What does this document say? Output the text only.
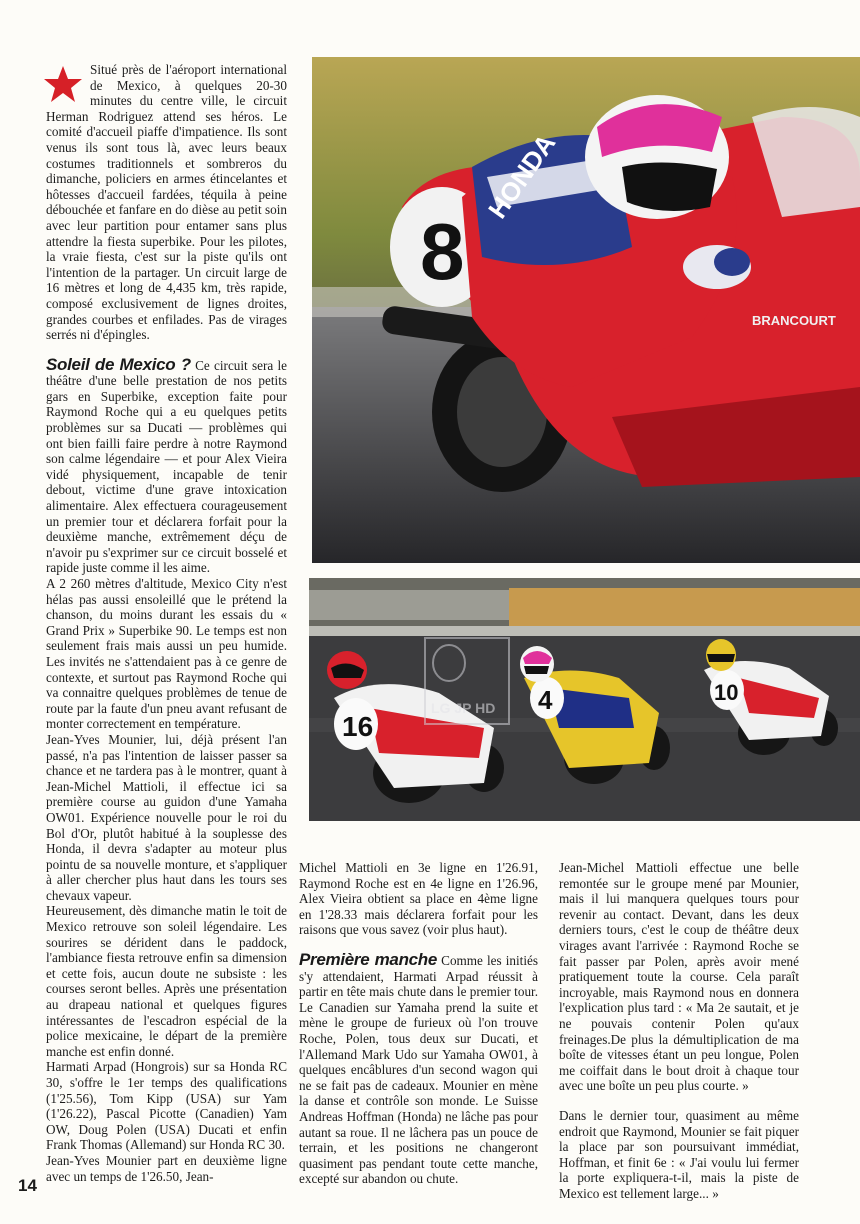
Situé près de l'aéroport international de Mexico, à quelques 20-30 minutes du centre ville, le circuit Herman Rodriguez attend ses héros. Le comité d'accueil piaffe d'impatience. Ils sont venus ils sont tous là, avec leurs beaux costumes traditionnels et sombreros du dimanche, policiers en armes étincelantes et hôtesses d'accueil fardées, téquila à peine débouchée et fanfare en do dièse au petit soin avec leur partition pour entamer sans plus attendre la fiesta superbike. Pour les pilotes, la vraie fiesta, c'est sur la piste qu'ils ont l'intention de la partager. Un circuit large de 16 mètres et long de 4,435 km, très rapide, composé exclusivement de lignes droites, grandes courbes et enfilades. Pas de virages serrés ni d'épingles.

Soleil de Mexico ? Ce circuit sera le théâtre d'une belle prestation de nos petits gars en Superbike, exception faite pour Raymond Roche qui a eu quelques petits problèmes sur sa Ducati — problèmes qui ont bien failli faire perdre à notre Raymond son calme légendaire — et pour Alex Vieira vidé physiquement, incapable de tenir debout, victime d'une grave intoxication alimentaire. Alex effectuera courageusement un premier tour et déclarera forfait pour la deuxième manche, extrêmement déçu de n'avoir pu s'exprimer sur ce circuit bosselé et rapide juste comme il les aime.

A 2 260 mètres d'altitude, Mexico City n'est hélas pas aussi ensoleillé que le prétend la chanson, du moins durant les essais du « Grand Prix » Superbike 90. Le temps est non seulement frais mais aussi un peu humide. Les invités ne s'attendaient pas à ce genre de contexte, et surtout pas Raymond Roche qui va connaitre quelques problèmes de tenue de route par la faute d'un pneu avant refusant de monter correctement en température.

Jean-Yves Mounier, lui, déjà présent l'an passé, n'a pas l'intention de laisser passer sa chance et ne tardera pas à le montrer, quant à Jean-Michel Mattioli, il effectue ici sa première course au guidon d'une Yamaha OW01. Expérience nouvelle pour le roi du Bol d'Or, plutôt habitué à la souplesse des Honda, il devra s'adapter au moteur plus pointu de sa nouvelle monture, et s'appliquer à aller chercher plus haut dans les tours ses chevaux vapeur.

Heureusement, dès dimanche matin le toit de Mexico retrouve son soleil légendaire. Les sourires se dérident dans le paddock, l'ambiance fiesta retrouve enfin sa dimension et cette fois, aucun doute ne subsiste : les courses seront belles. Après une présentation au drapeau national et quelques figures intéressantes de l'escadron espécial de la police mexicaine, le départ de la première manche est enfin donné.

Harmati Arpad (Hongrois) sur sa Honda RC 30, s'offre le 1er temps des qualifications (1'25.56), Tom Kipp (USA) sur Yam (1'26.22), Pascal Picotte (Canadien) Yam OW, Doug Polen (USA) Ducati et enfin Frank Thomas (Allemand) sur Honda RC 30.

Jean-Yves Mounier part en deuxième ligne avec un temps de 1'26.50, Jean-

Michel Mattioli en 3e ligne en 1'26.91, Raymond Roche est en 4e ligne en 1'26.96, Alex Vieira obtient sa place en 4ème ligne en 1'28.33 mais déclarera forfait pour les raisons que vous savez (voir plus haut).

Première manche Comme les initiés s'y attendaient, Harmati Arpad réussit à partir en tête mais chute dans le premier tour. Le Canadien sur Yamaha prend la suite et mène le groupe de furieux où l'on trouve Roche, Polen, tous deux sur Ducati, et l'Allemand Mark Udo sur Yamaha OW01, à quelques encâblures d'un second wagon qui ne se fait pas de cadeaux. Mounier en mène la danse et contrôle son monde. Le Suisse Andreas Hoffman (Honda) ne lâche pas pour autant sa roue. Il ne lâchera pas un pouce de terrain, et les positions ne changeront quasiment pas pendant toute cette manche, excepté sur abandon ou chute.

Jean-Michel Mattioli effectue une belle remontée sur le groupe mené par Mounier, mais il lui manquera quelques tours pour revenir au contact. Devant, dans les deux derniers tours, c'est le coup de théâtre deux virages avant l'arrivée : Raymond Roche se fait passer par Polen, après avoir mené pratiquement toute la course. Cela paraît incroyable, mais Raymond nous en donnera l'explication plus tard : « Ma 2e sautait, et je ne pouvais contenir Polen qu'aux freinages.De plus la démultiplication de ma boîte de vitesses étant un peu longue, Polen me coiffait dans le bout droit à chaque tour avec une boîte un peu plus courte. »

Dans le dernier tour, quasiment au même endroit que Raymond, Mounier se fait piquer la place par son poursuivant immédiat, Hoffman, et finit 6e : « J'ai voulu lui fermer la porte expliquera-t-il, mais la piste de Mexico est tellement large... »

8
HONDA
BRANCOURT
16
4	10
LG JP HD
14
